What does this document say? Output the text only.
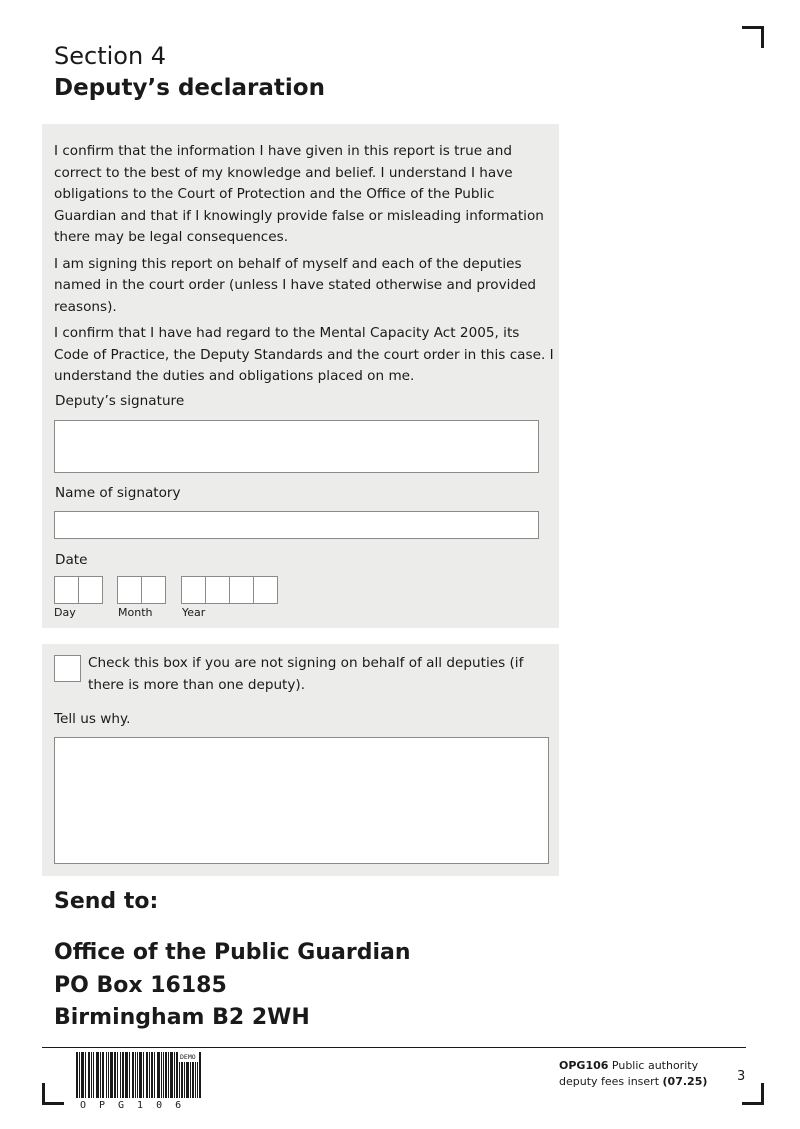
Section 4
Deputy’s declaration

I confirm that the information I have given in this report is true and correct to the best of my knowledge and belief. I understand I have obligations to the Court of Protection and the Office of the Public Guardian and that if I knowingly provide false or misleading information there may be legal consequences.

I am signing this report on behalf of myself and each of the deputies named in the court order (unless I have stated otherwise and provided reasons).

I confirm that I have had regard to the Mental Capacity Act 2005, its Code of Practice, the Deputy Standards and the court order in this case. I understand the duties and obligations placed on me.

Deputy’s signature
Name of signatory
Date
Day	Month	Year
Check this box if you are not signing on behalf of all deputies (if there is more than one deputy).
Tell us why.
Send to:
Office of the Public Guardian
PO Box 16185
Birmingham B2 2WH
DEMO
OPG106
OPG106 Public authority
deputy fees insert (07.25) 3
